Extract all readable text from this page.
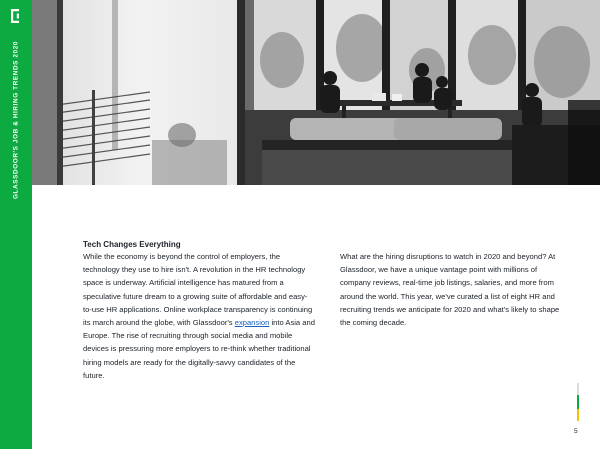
GLASSDOOR'S JOB & HIRING TRENDS 2020
Tech Changes Everything

While the economy is beyond the control of employers, the technology they use to hire isn't. A revolution in the HR technology space is underway. Artificial intelligence has matured from a speculative future dream to a growing suite of affordable and easy-to-use HR applications. Online workplace transparency is continuing its march around the globe, with Glassdoor's expansion into Asia and Europe. The rise of recruiting through social media and mobile devices is pressuring more employers to re-think whether traditional hiring models are ready for the digitally-savvy candidates of the future.

What are the hiring disruptions to watch in 2020 and beyond? At Glassdoor, we have a unique vantage point with millions of company reviews, real-time job listings, salaries, and more from around the world. This year, we've curated a list of eight HR and recruiting trends we anticipate for 2020 and what's likely to shape the coming decade.

5
